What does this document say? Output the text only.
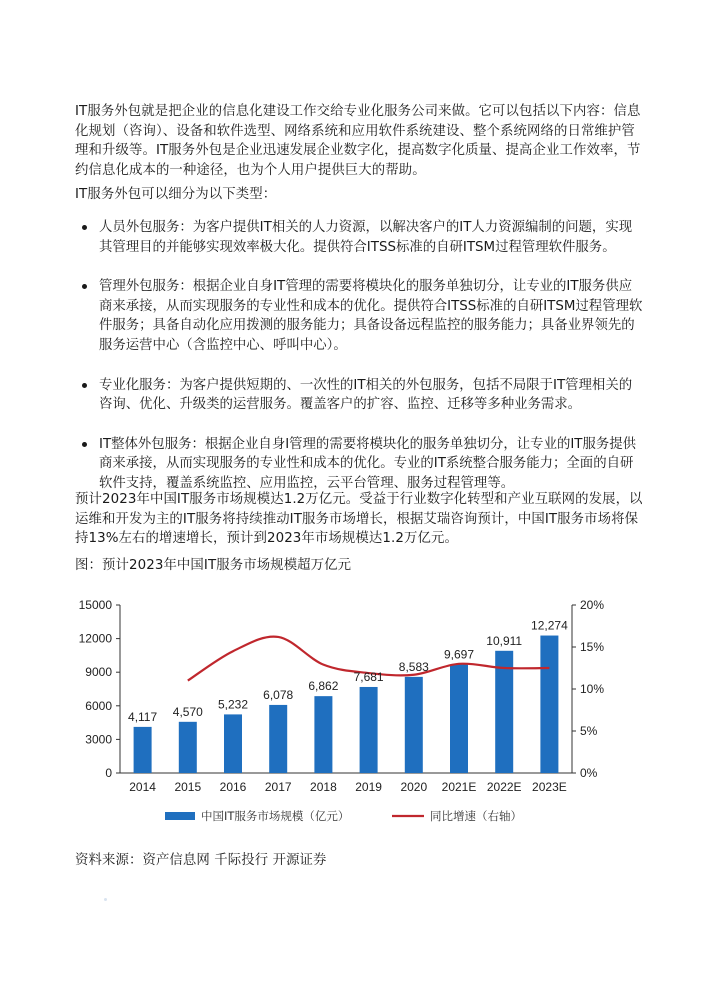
IT服务外包就是把企业的信息化建设工作交给专业化服务公司来做。它可以包括以下内容：信息化规划（咨询）、设备和软件选型、网络系统和应用软件系统建设、整个系统网络的日常维护管理和升级等。IT服务外包是企业迅速发展企业数字化，提高数字化质量、提高企业工作效率，节约信息化成本的一种途径，也为个人用户提供巨大的帮助。

IT服务外包可以细分为以下类型：

人员外包服务：为客户提供IT相关的人力资源，以解决客户的IT人力资源编制的问题，实现其管理目的并能够实现效率极大化。提供符合ITSS标准的自研ITSM过程管理软件服务。
管理外包服务：根据企业自身IT管理的需要将模块化的服务单独切分，让专业的IT服务供应商来承接，从而实现服务的专业性和成本的优化。提供符合ITSS标准的自研ITSM过程管理软件服务；具备自动化应用拨测的服务能力；具备设备远程监控的服务能力；具备业界领先的服务运营中心（含监控中心、呼叫中心）。
专业化服务：为客户提供短期的、一次性的IT相关的外包服务，包括不局限于IT管理相关的咨询、优化、升级类的运营服务。覆盖客户的扩容、监控、迁移等多种业务需求。
IT整体外包服务：根据企业自身I管理的需要将模块化的服务单独切分，让专业的IT服务提供商来承接，从而实现服务的专业性和成本的优化。专业的IT系统整合服务能力；全面的自研软件支持，覆盖系统监控、应用监控，云平台管理、服务过程管理等。

预计2023年中国IT服务市场规模达1.2万亿元。受益于行业数字化转型和产业互联网的发展，以运维和开发为主的IT服务将持续推动IT服务市场增长，根据艾瑞咨询预计，中国IT服务市场将保持13%左右的增速增长，预计到2023年市场规模达1.2万亿元。

图：预计2023年中国IT服务市场规模超万亿元

0
3000
6000
9000
12000
15000
0%
5%
10%
15%
20%
2014 2015 2016 2017 2018 2019 2020 2021E 2022E 2023E
4,117 4,570
5,232
6,078
6,862
7,681
8,583
9,697
10,911
12,274
中国IT服务市场规模（亿元）	同比增速（右轴）

资料来源：资产信息网 千际投行 开源证券
